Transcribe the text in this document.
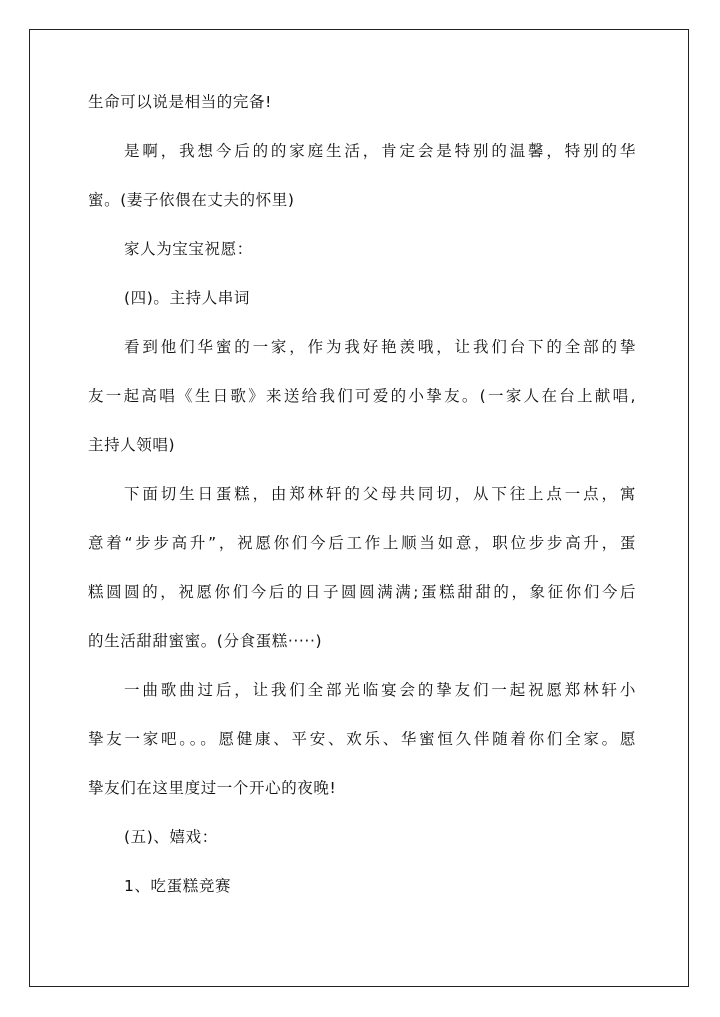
生命可以说是相当的完备!
是啊，我想今后的的家庭生活，肯定会是特别的温馨，特别的华
蜜。(妻子依偎在丈夫的怀里)
家人为宝宝祝愿：
(四)。主持人串词
看到他们华蜜的一家，作为我好艳羡哦，让我们台下的全部的挚
友一起高唱《生日歌》来送给我们可爱的小挚友。(一家人在台上献唱,
主持人领唱)
下面切生日蛋糕，由郑林轩的父母共同切，从下往上点一点，寓
意着“步步高升”，祝愿你们今后工作上顺当如意，职位步步高升，蛋
糕圆圆的，祝愿你们今后的日子圆圆满满;蛋糕甜甜的，象征你们今后
的生活甜甜蜜蜜。(分食蛋糕·····)
一曲歌曲过后，让我们全部光临宴会的挚友们一起祝愿郑林轩小
挚友一家吧。。。愿健康、平安、欢乐、华蜜恒久伴随着你们全家。愿
挚友们在这里度过一个开心的夜晚!
(五)、嬉戏：
1、吃蛋糕竞赛
